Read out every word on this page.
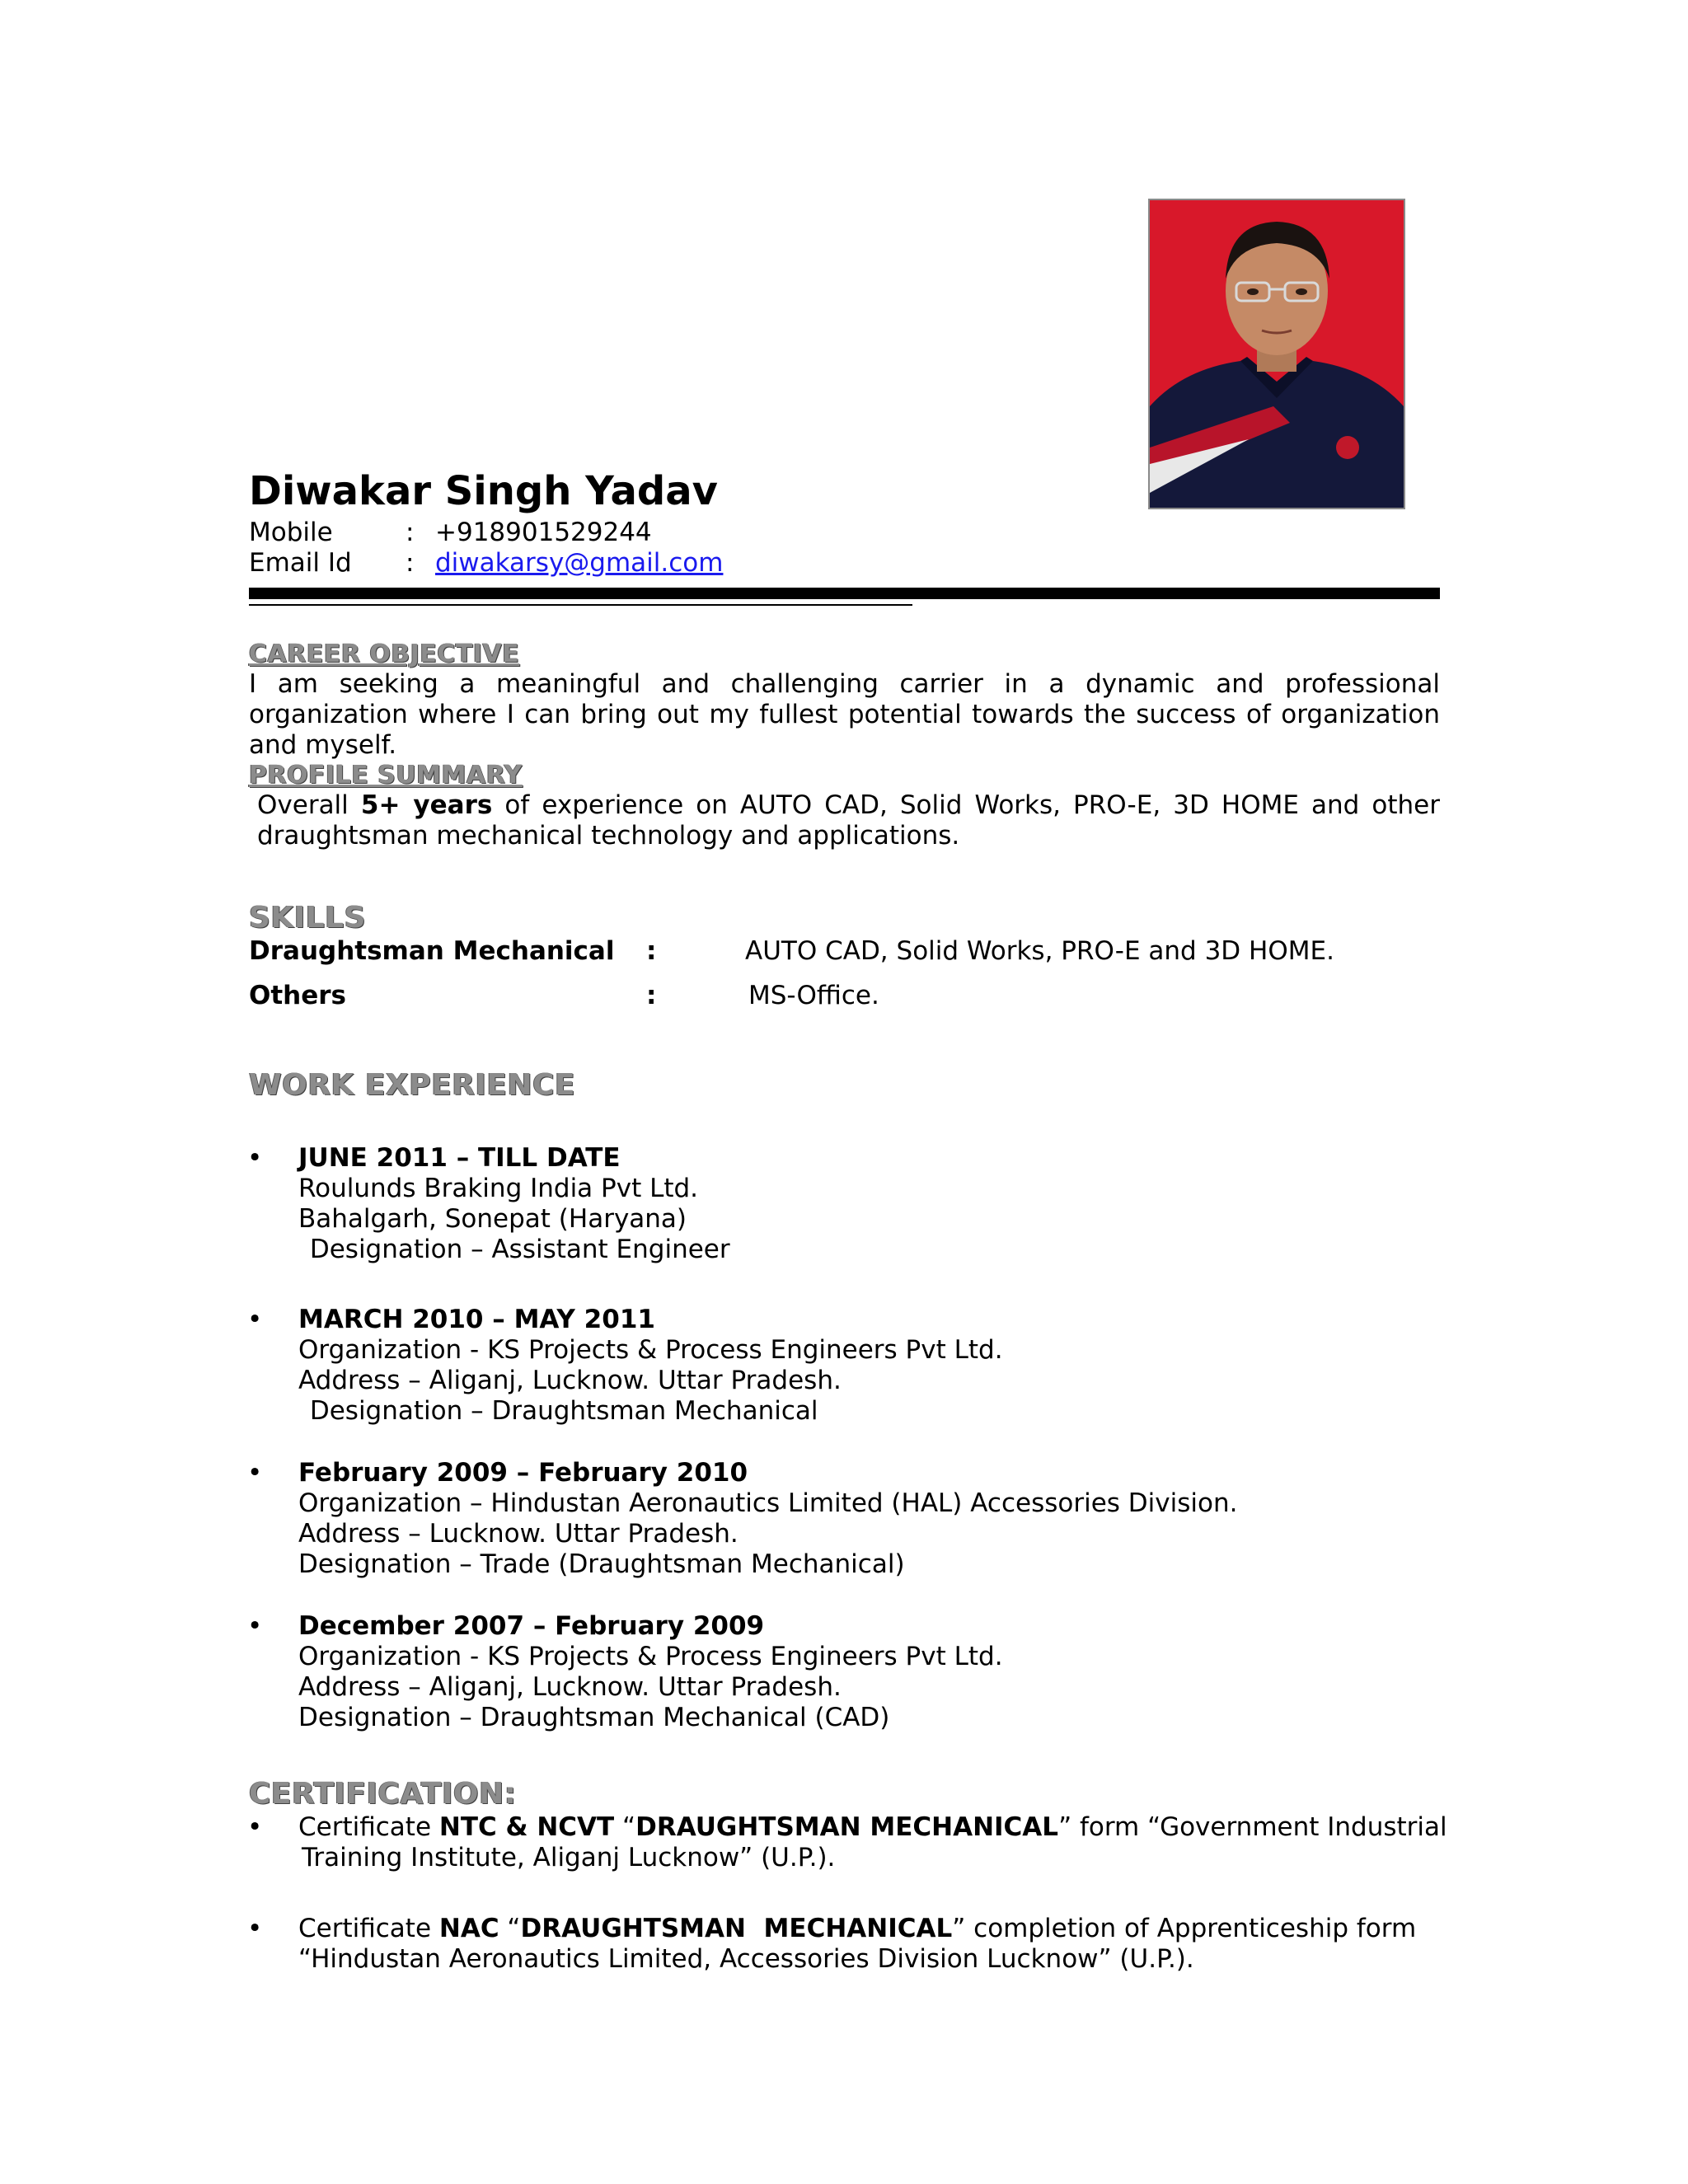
Diwakar Singh Yadav
Mobile	: +918901529244
Email Id : diwakarsy@gmail.com
CAREER OBJECTIVE
I am seeking a meaningful and challenging carrier in a dynamic and professional organization where I can bring out my fullest potential towards the success of organization and myself.
PROFILE SUMMARY
Overall 5+ years of experience on AUTO CAD, Solid Works, PRO-E, 3D HOME and other draughtsman mechanical technology and applications.
SKILLS
Draughtsman Mechanical :	AUTO CAD, Solid Works, PRO-E and 3D HOME.
Others	:	MS-Office.
WORK EXPERIENCE
• JUNE 2011 – TILL DATE
Roulunds Braking India Pvt Ltd.
Bahalgarh, Sonepat (Haryana)
Designation – Assistant Engineer
• MARCH 2010 – MAY 2011
Organization - KS Projects & Process Engineers Pvt Ltd.
Address – Aliganj, Lucknow. Uttar Pradesh.
Designation – Draughtsman Mechanical
• February 2009 – February 2010
Organization – Hindustan Aeronautics Limited (HAL) Accessories Division.
Address – Lucknow. Uttar Pradesh.
Designation – Trade (Draughtsman Mechanical)
• December 2007 – February 2009
Organization - KS Projects & Process Engineers Pvt Ltd.
Address – Aliganj, Lucknow. Uttar Pradesh.
Designation – Draughtsman Mechanical (CAD)
CERTIFICATION:
• Certificate NTC & NCVT “DRAUGHTSMAN MECHANICAL” form “Government Industrial
Training Institute, Aliganj Lucknow” (U.P.).
• Certificate NAC “DRAUGHTSMAN  MECHANICAL” completion of Apprenticeship form
“Hindustan Aeronautics Limited, Accessories Division Lucknow” (U.P.).
